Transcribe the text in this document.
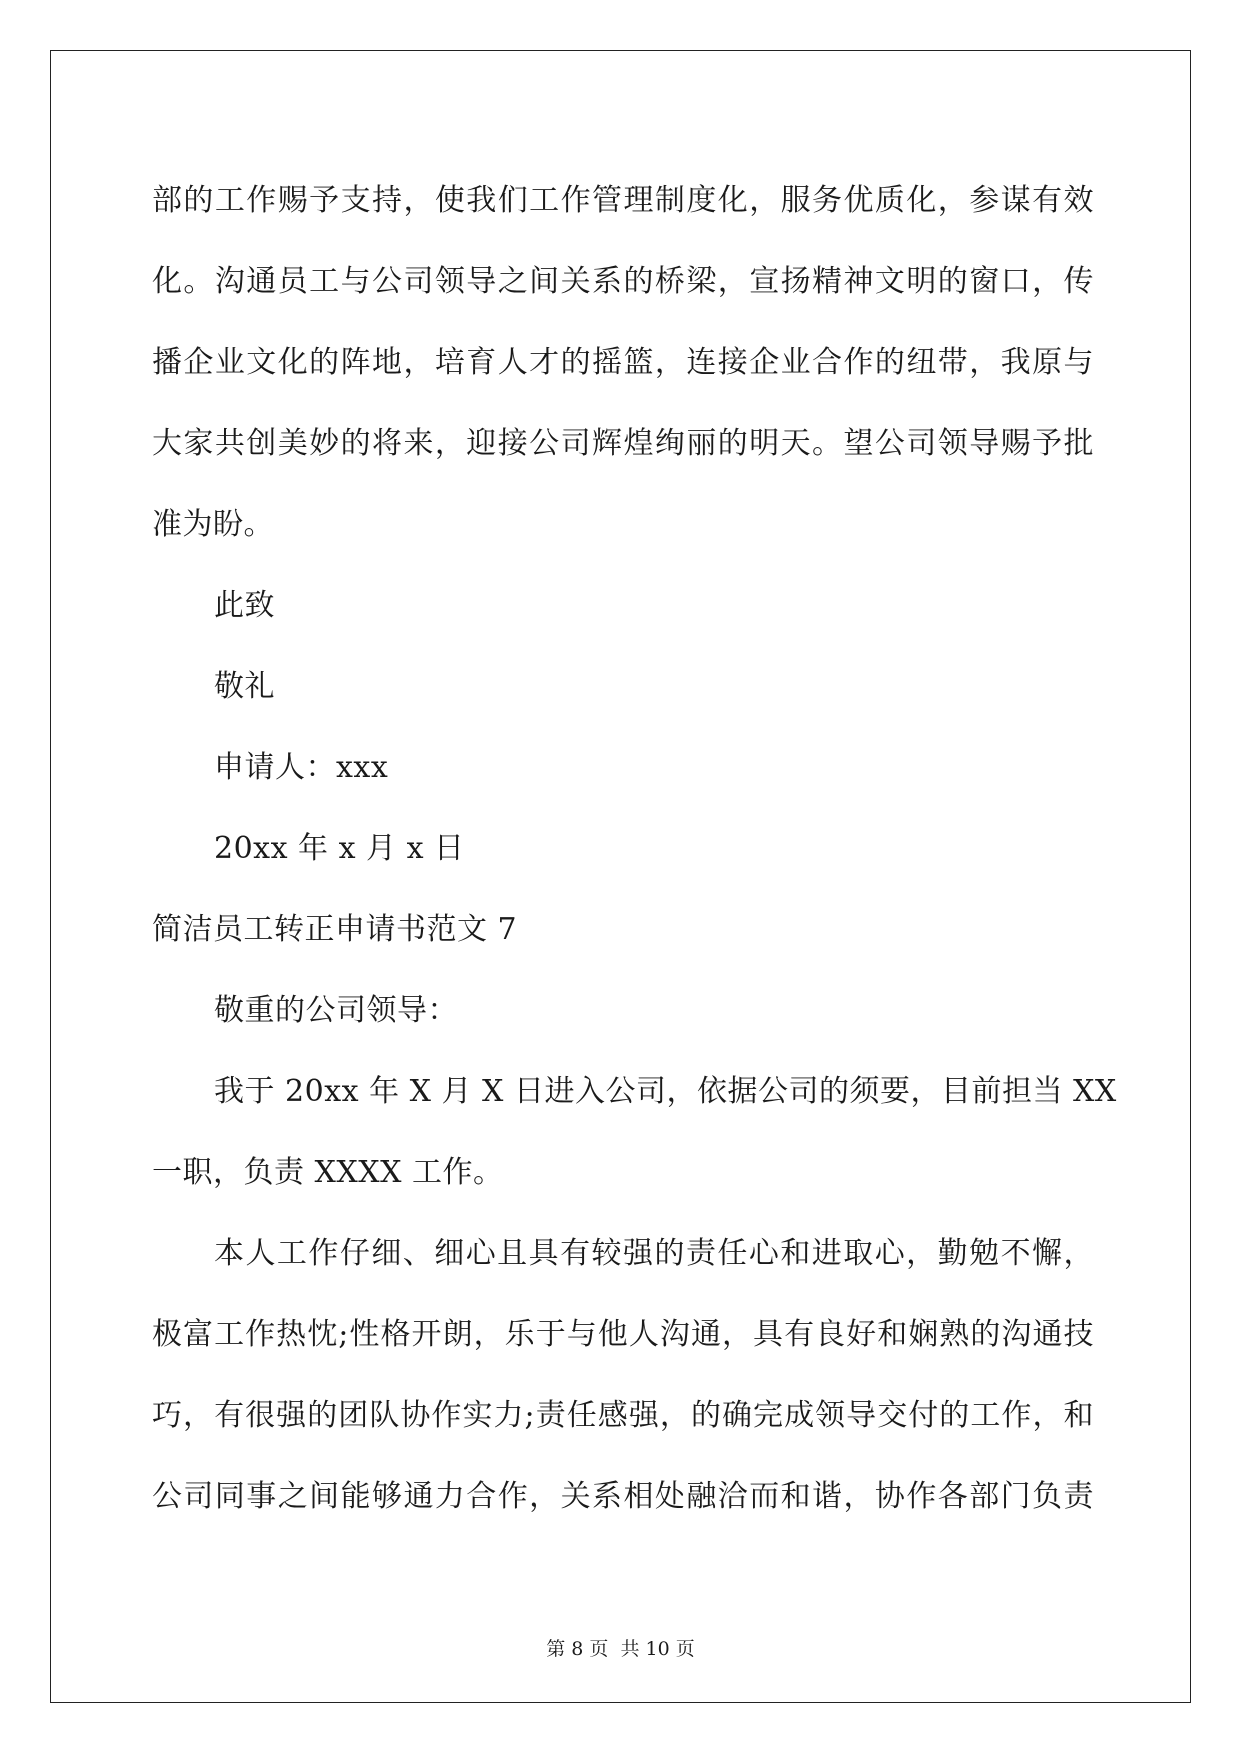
部的工作赐予支持，使我们工作管理制度化，服务优质化，参谋有效
化。沟通员工与公司领导之间关系的桥梁，宣扬精神文明的窗口，传
播企业文化的阵地，培育人才的摇篮，连接企业合作的纽带，我原与
大家共创美妙的将来，迎接公司辉煌绚丽的明天。望公司领导赐予批
准为盼。
此致
敬礼
申请人：xxx
20xx 年 x 月 x 日
简洁员工转正申请书范文 7
敬重的公司领导：
我于 20xx 年 X 月 X 日进入公司，依据公司的须要，目前担当 XX
一职，负责 XXXX 工作。
本人工作仔细、细心且具有较强的责任心和进取心，勤勉不懈，
极富工作热忱;性格开朗，乐于与他人沟通，具有良好和娴熟的沟通技
巧，有很强的团队协作实力;责任感强，的确完成领导交付的工作，和
公司同事之间能够通力合作，关系相处融洽而和谐，协作各部门负责
第 8 页 共 10 页
